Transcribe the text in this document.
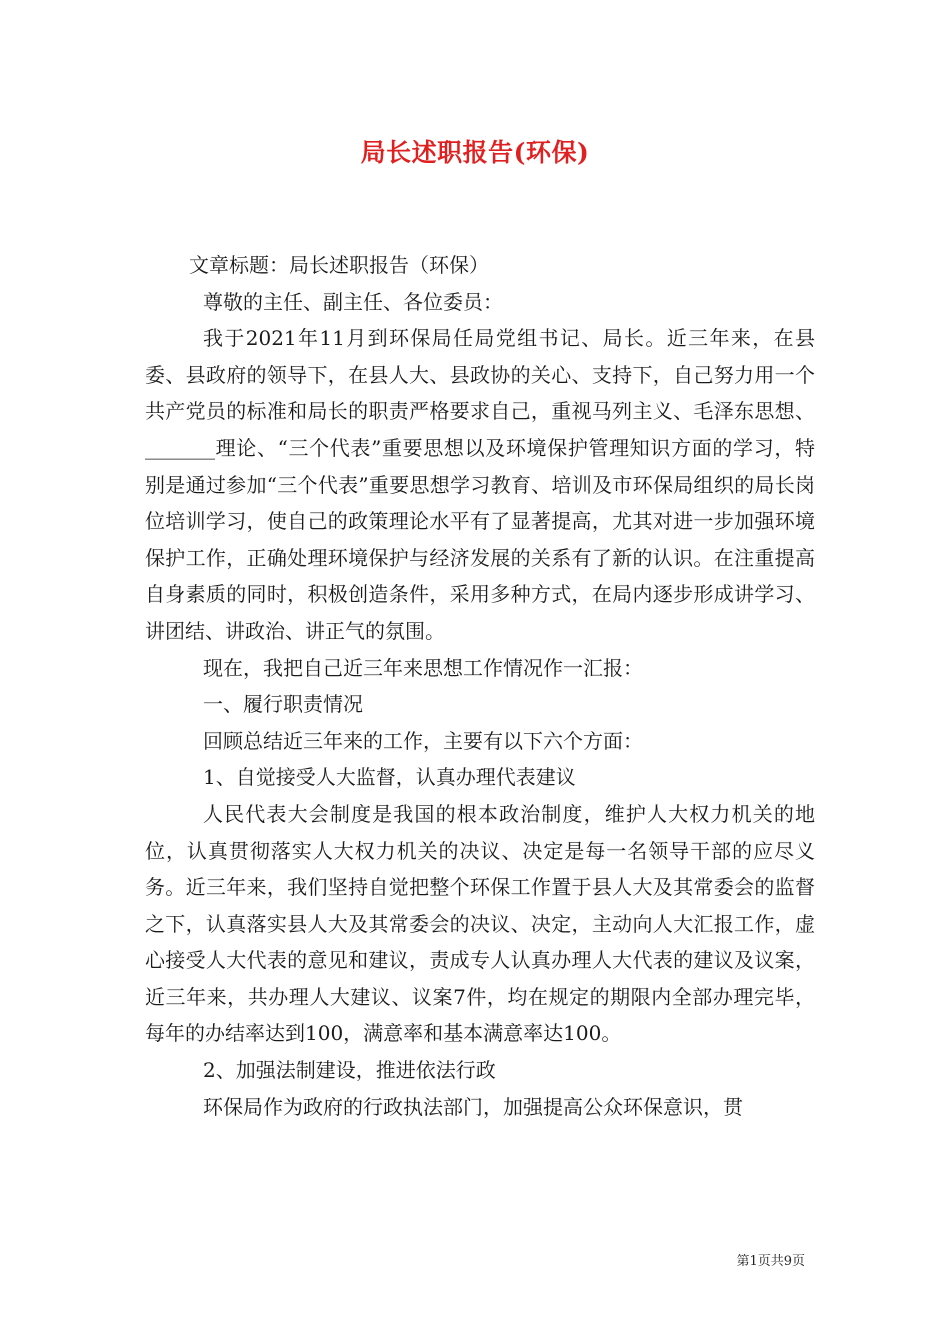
局长述职报告(环保)

文章标题：局长述职报告（环保）

尊敬的主任、副主任、各位委员：

我于2021年11月到环保局任局党组书记、局长。近三年来，在县委、县政府的领导下，在县人大、县政协的关心、支持下，自己努力用一个共产党员的标准和局长的职责严格要求自己，重视马列主义、毛泽东思想、_______理论、“三个代表”重要思想以及环境保护管理知识方面的学习，特别是通过参加“三个代表”重要思想学习教育、培训及市环保局组织的局长岗位培训学习，使自己的政策理论水平有了显著提高，尤其对进一步加强环境保护工作，正确处理环境保护与经济发展的关系有了新的认识。在注重提高自身素质的同时，积极创造条件，采用多种方式，在局内逐步形成讲学习、讲团结、讲政治、讲正气的氛围。

现在，我把自己近三年来思想工作情况作一汇报：

一、履行职责情况

回顾总结近三年来的工作，主要有以下六个方面：

1、自觉接受人大监督，认真办理代表建议

人民代表大会制度是我国的根本政治制度，维护人大权力机关的地位，认真贯彻落实人大权力机关的决议、决定是每一名领导干部的应尽义务。近三年来，我们坚持自觉把整个环保工作置于县人大及其常委会的监督之下，认真落实县人大及其常委会的决议、决定，主动向人大汇报工作，虚心接受人大代表的意见和建议，责成专人认真办理人大代表的建议及议案，近三年来，共办理人大建议、议案7件，均在规定的期限内全部办理完毕，每年的办结率达到100，满意率和基本满意率达100。

2、加强法制建设，推进依法行政

环保局作为政府的行政执法部门，加强提高公众环保意识，贯

第1页共9页
